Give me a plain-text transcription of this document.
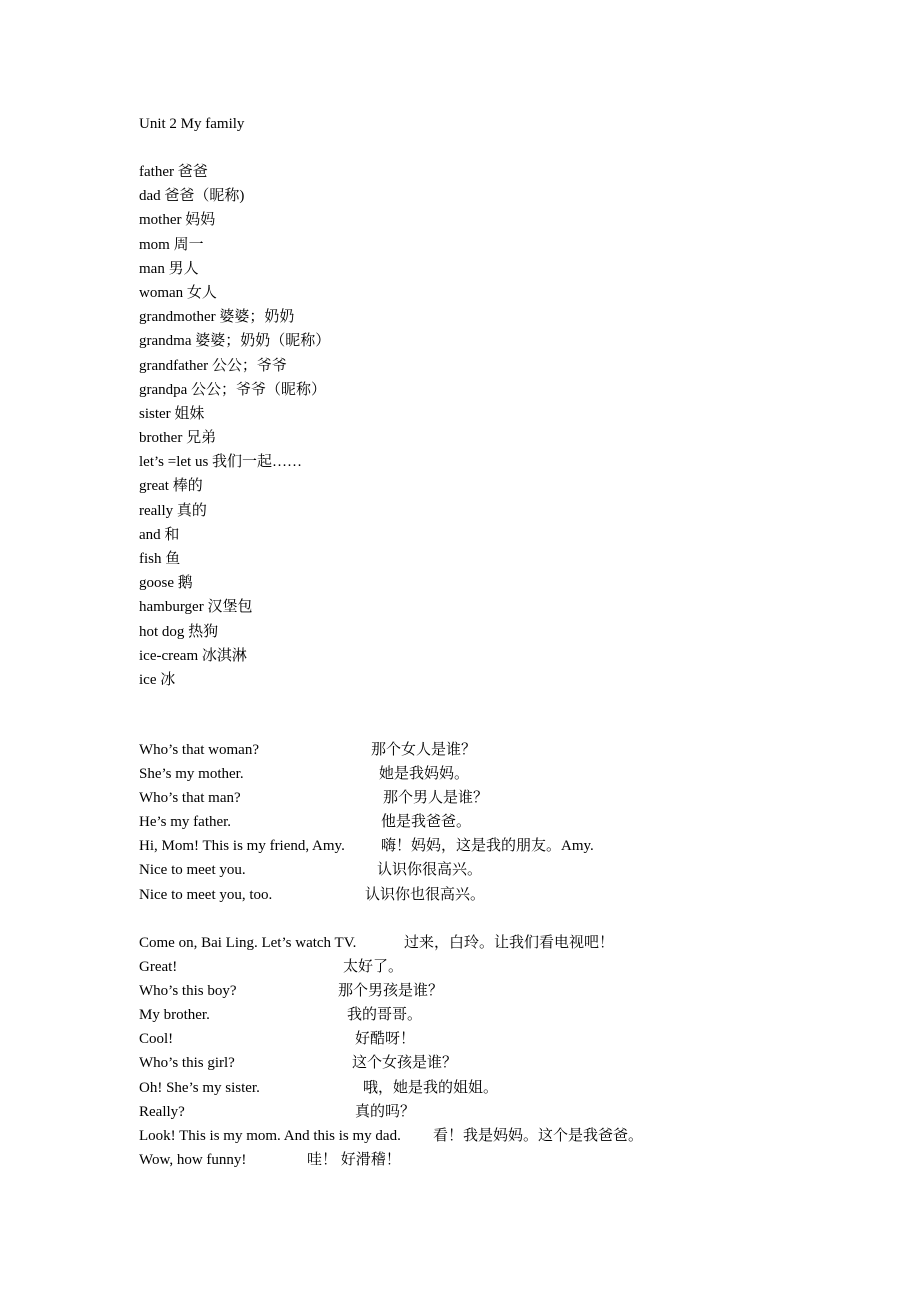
Unit 2 My family
father 爸爸
dad 爸爸（昵称)
mother 妈妈
mom 周一
man 男人
woman 女人
grandmother 婆婆；奶奶
grandma 婆婆；奶奶（昵称）
grandfather 公公；爷爷
grandpa 公公；爷爷（昵称）
sister 姐妹
brother 兄弟
let’s =let us 我们一起……
great 棒的
really 真的
and 和
fish 鱼
goose 鹅
hamburger 汉堡包
hot dog 热狗
ice-cream 冰淇淋
ice 冰
Who’s that woman?	那个女人是谁？
She’s my mother.	她是我妈妈。
Who’s that man?	那个男人是谁？
He’s my father.	他是我爸爸。
Hi, Mom! This is my friend, Amy. 嗨！妈妈，这是我的朋友。Amy.
Nice to meet you.	认识你很高兴。
Nice to meet you, too.	认识你也很高兴。
Come on, Bai Ling. Let’s watch TV.	过来，白玲。让我们看电视吧！
Great!	太好了。
Who’s this boy?	那个男孩是谁？
My brother.	我的哥哥。
Cool!	好酷呀！
Who’s this girl?	这个女孩是谁？
Oh! She’s my sister.	哦，她是我的姐姐。
Really?	真的吗？
Look! This is my mom. And this is my dad. 看！我是妈妈。这个是我爸爸。
Wow, how funny!	哇！ 好滑稽！
